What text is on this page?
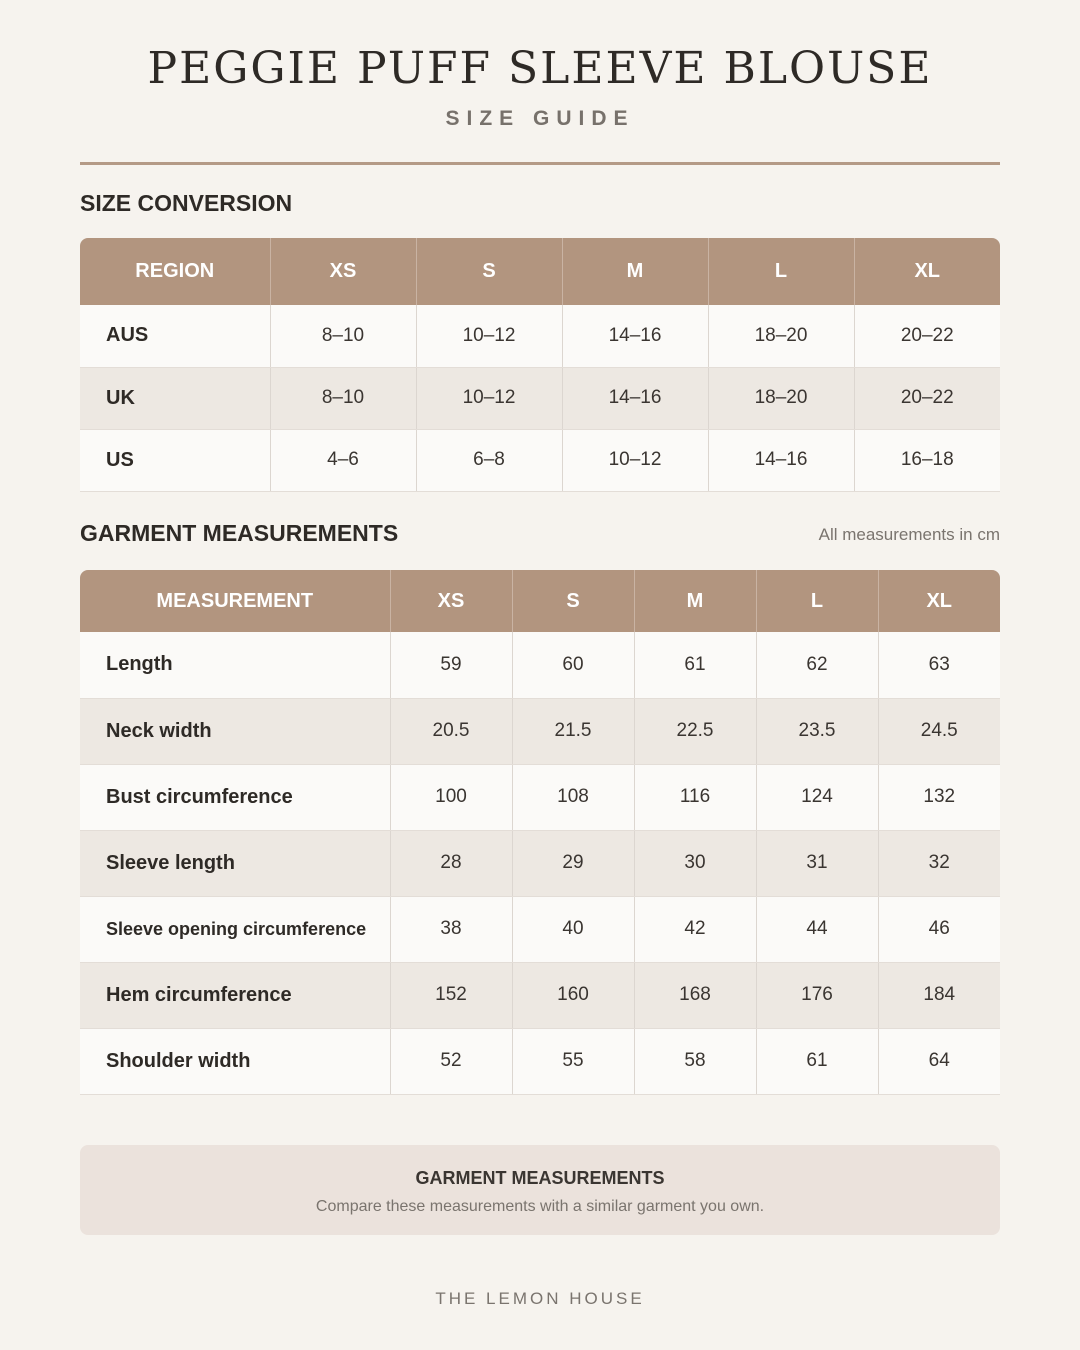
PEGGIE PUFF SLEEVE BLOUSE
SIZE GUIDE
SIZE CONVERSION
REGION	XS	S	M	L	XL
AUS	8–10	10–12	14–16	18–20	20–22
UK	8–10	10–12	14–16	18–20	20–22
US	4–6	6–8	10–12	14–16	16–18
GARMENT MEASUREMENTS	All measurements in cm
MEASUREMENT	XS	S	M	L	XL
Length	59	60	61	62	63
Neck width	20.5	21.5	22.5	23.5	24.5
Bust circumference	100	108	116	124	132
Sleeve length	28	29	30	31	32
Sleeve opening circumference	38	40	42	44	46
Hem circumference	152	160	168	176	184
Shoulder width	52	55	58	61	64
GARMENT MEASUREMENTS
Compare these measurements with a similar garment you own.
THE LEMON HOUSE
